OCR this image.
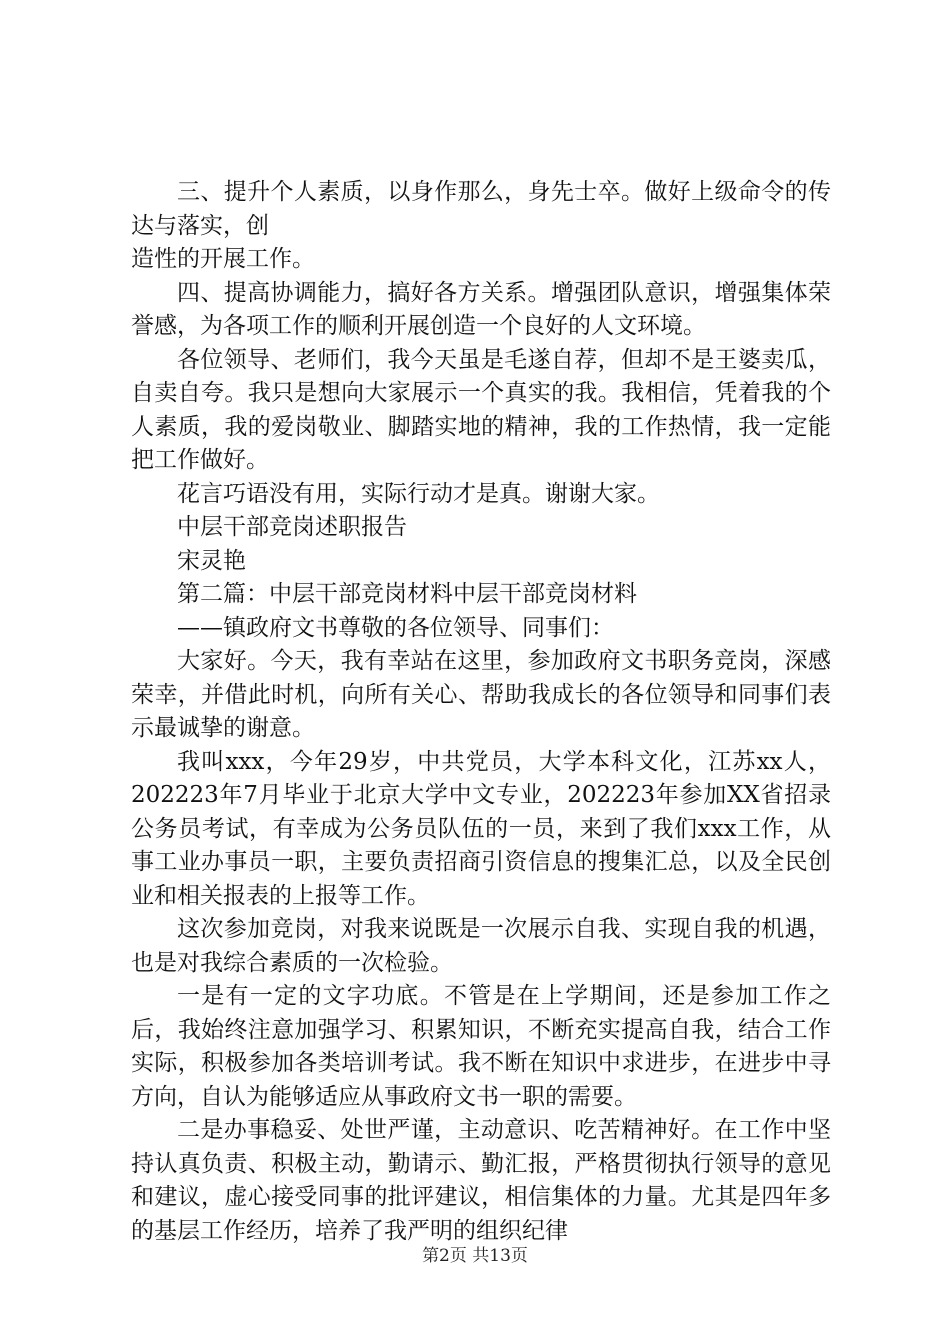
三、提升个人素质，以身作那么，身先士卒。做好上级命令的传达与落实，创

造性的开展工作。

四、提高协调能力，搞好各方关系。增强团队意识，增强集体荣誉感，为各项工作的顺利开展创造一个良好的人文环境。

各位领导、老师们，我今天虽是毛遂自荐，但却不是王婆卖瓜，自卖自夸。我只是想向大家展示一个真实的我。我相信，凭着我的个人素质，我的爱岗敬业、脚踏实地的精神，我的工作热情，我一定能把工作做好。

花言巧语没有用，实际行动才是真。谢谢大家。

中层干部竞岗述职报告

宋灵艳

第二篇：中层干部竞岗材料中层干部竞岗材料

——镇政府文书尊敬的各位领导、同事们：

大家好。今天，我有幸站在这里，参加政府文书职务竞岗，深感荣幸，并借此时机，向所有关心、帮助我成长的各位领导和同事们表示最诚挚的谢意。

我叫xxx，今年29岁，中共党员，大学本科文化，江苏xx人，202223年7月毕业于北京大学中文专业，202223年参加XX省招录公务员考试，有幸成为公务员队伍的一员，来到了我们xxx工作，从事工业办事员一职，主要负责招商引资信息的搜集汇总，以及全民创业和相关报表的上报等工作。

这次参加竞岗，对我来说既是一次展示自我、实现自我的机遇，也是对我综合素质的一次检验。

一是有一定的文字功底。不管是在上学期间，还是参加工作之后，我始终注意加强学习、积累知识，不断充实提高自我，结合工作实际，积极参加各类培训考试。我不断在知识中求进步，在进步中寻方向，自认为能够适应从事政府文书一职的需要。

二是办事稳妥、处世严谨，主动意识、吃苦精神好。在工作中坚持认真负责、积极主动，勤请示、勤汇报，严格贯彻执行领导的意见和建议，虚心接受同事的批评建议，相信集体的力量。尤其是四年多的基层工作经历，培养了我严明的组织纪律

第2页 共13页
